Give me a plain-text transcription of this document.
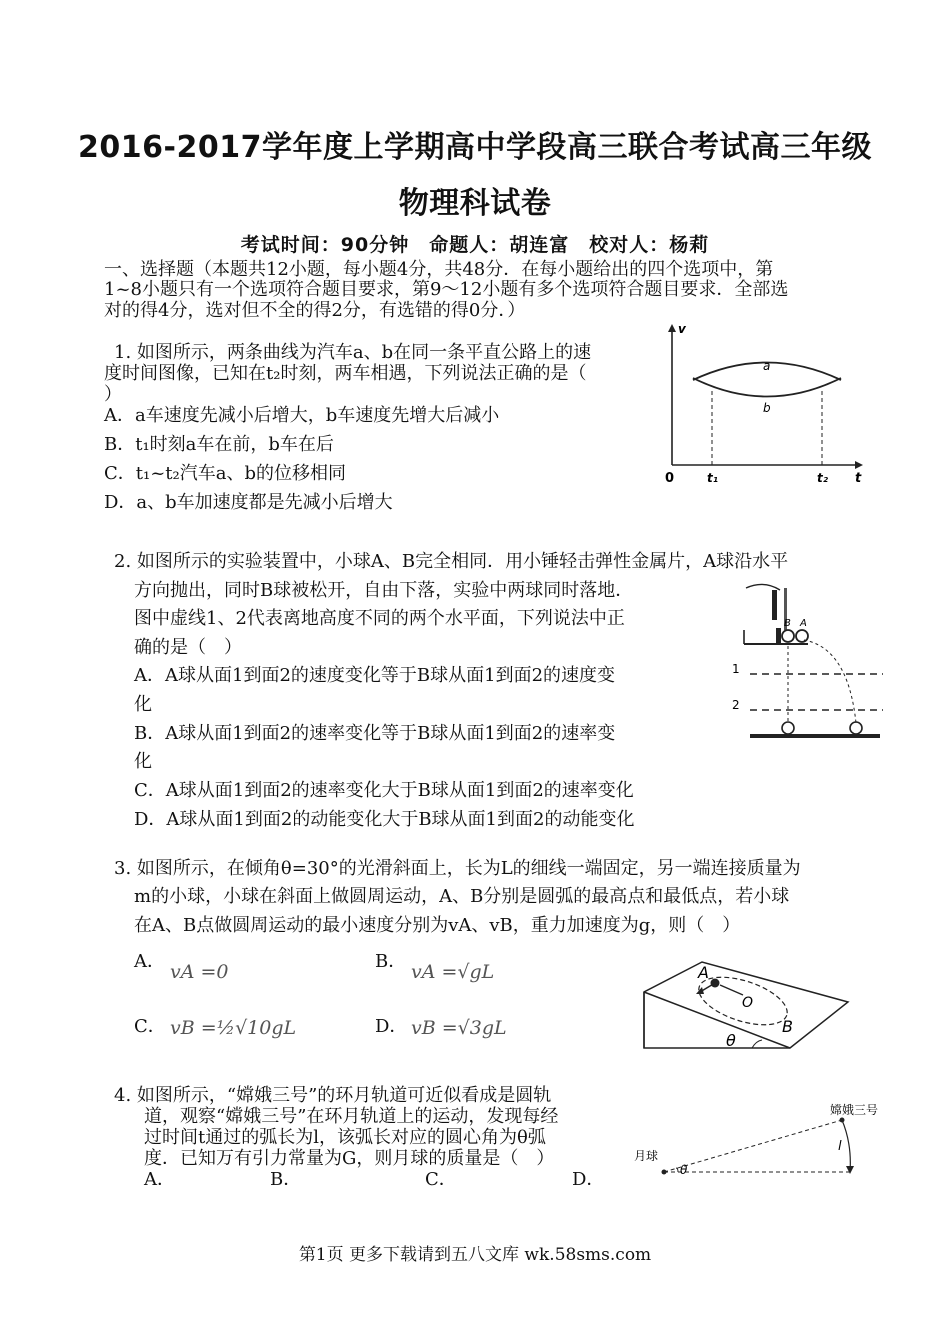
2016-2017学年度上学期高中学段高三联合考试高三年级
物理科试卷
考试时间：90分钟　命题人：胡连富　校对人：杨莉
一、选择题（本题共12小题，每小题4分，共48分．在每小题给出的四个选项中，第
1~8小题只有一个选项符合题目要求，第9～12小题有多个选项符合题目要求．全部选
对的得4分，选对但不全的得2分，有选错的得0分．）
1. 如图所示，两条曲线为汽车a、b在同一条平直公路上的速
度时间图像，已知在t₂时刻，两车相遇，下列说法正确的是（
）
A．a车速度先减小后增大，b车速度先增大后减小
B．t₁时刻a车在前，b车在后
C．t₁~t₂汽车a、b的位移相同
D．a、b车加速度都是先减小后增大
v
t
0
a
b
t₁	t₂
2. 如图所示的实验装置中，小球A、B完全相同．用小锤轻击弹性金属片，A球沿水平
方向抛出，同时B球被松开，自由下落，实验中两球同时落地．
图中虚线1、2代表离地高度不同的两个水平面，下列说法中正
确的是（　）
A．A球从面1到面2的速度变化等于B球从面1到面2的速度变
化
B．A球从面1到面2的速率变化等于B球从面1到面2的速率变
化
C．A球从面1到面2的速率变化大于B球从面1到面2的速率变化
D．A球从面1到面2的动能变化大于B球从面1到面2的动能变化
B A
1
2
3. 如图所示，在倾角θ=30°的光滑斜面上，长为L的细线一端固定，另一端连接质量为
m的小球，小球在斜面上做圆周运动，A、B分别是圆弧的最高点和最低点，若小球
在A、B点做圆周运动的最小速度分别为vA、vB，重力加速度为g，则（　）
A． vA =0	B． vA =√gL
C． vB =½√10gL	D． vB =√3gL
A
O
B
θ
4. 如图所示，“嫦娥三号”的环月轨道可近似看成是圆轨
道，观察“嫦娥三号”在环月轨道上的运动，发现每经
过时间t通过的弧长为l，该弧长对应的圆心角为θ弧
度．已知万有引力常量为G，则月球的质量是（　）
A．	B．	C．	D．
嫦娥三号
月球
θ
l
第1页 更多下载请到五八文库 wk.58sms.com
